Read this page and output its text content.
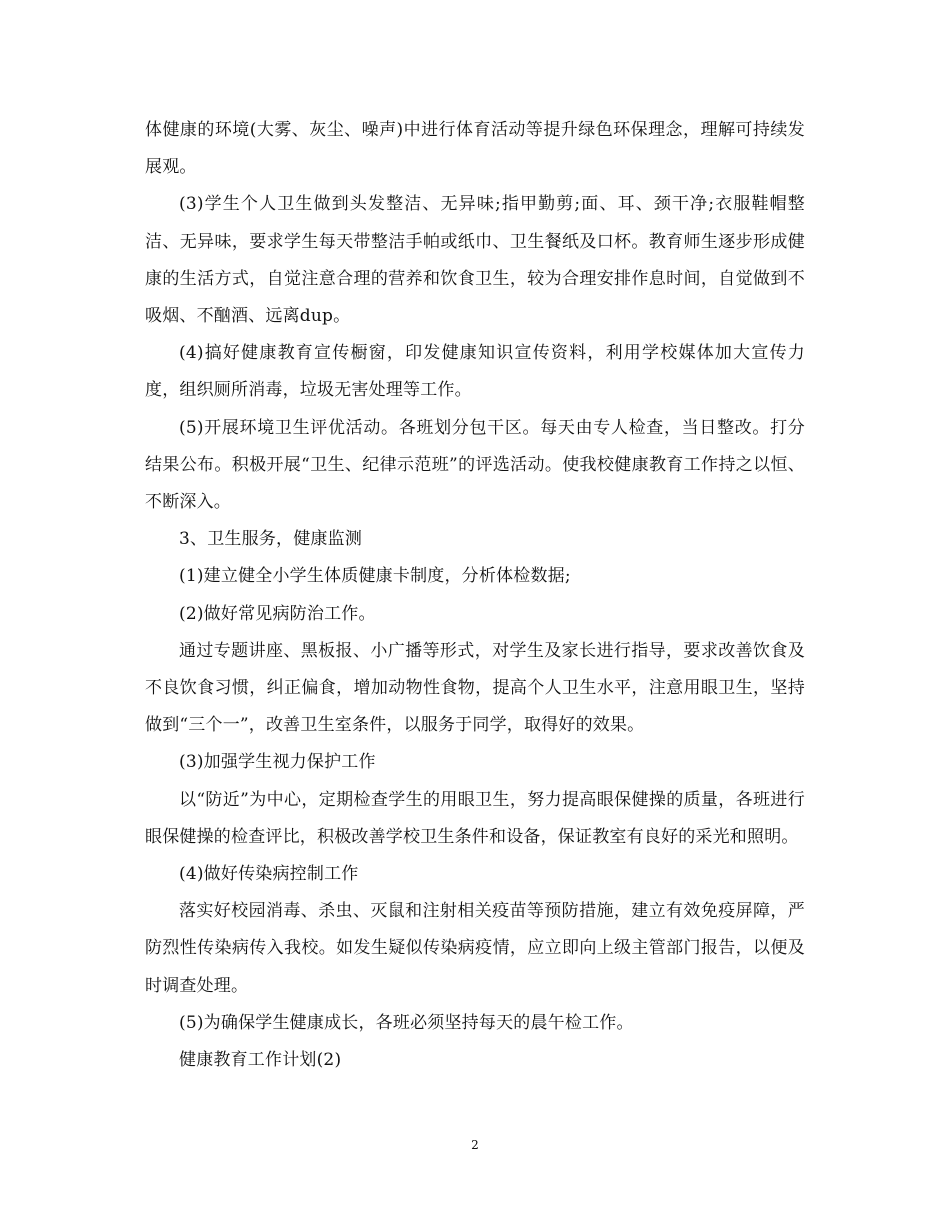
体健康的环境(大雾、灰尘、噪声)中进行体育活动等提升绿色环保理念，理解可持续发展观。

(3)学生个人卫生做到头发整洁、无异味;指甲勤剪;面、耳、颈干净;衣服鞋帽整洁、无异味，要求学生每天带整洁手帕或纸巾、卫生餐纸及口杯。教育师生逐步形成健康的生活方式，自觉注意合理的营养和饮食卫生，较为合理安排作息时间，自觉做到不吸烟、不酗酒、远离dup。

(4)搞好健康教育宣传橱窗，印发健康知识宣传资料，利用学校媒体加大宣传力度，组织厕所消毒，垃圾无害处理等工作。

(5)开展环境卫生评优活动。各班划分包干区。每天由专人检查，当日整改。打分结果公布。积极开展“卫生、纪律示范班”的评选活动。使我校健康教育工作持之以恒、不断深入。

3、卫生服务，健康监测

(1)建立健全小学生体质健康卡制度，分析体检数据;

(2)做好常见病防治工作。

通过专题讲座、黑板报、小广播等形式，对学生及家长进行指导，要求改善饮食及不良饮食习惯，纠正偏食，增加动物性食物，提高个人卫生水平，注意用眼卫生，坚持做到“三个一”，改善卫生室条件，以服务于同学，取得好的效果。

(3)加强学生视力保护工作

以“防近”为中心，定期检查学生的用眼卫生，努力提高眼保健操的质量，各班进行眼保健操的检查评比，积极改善学校卫生条件和设备，保证教室有良好的采光和照明。

(4)做好传染病控制工作

落实好校园消毒、杀虫、灭鼠和注射相关疫苗等预防措施，建立有效免疫屏障，严防烈性传染病传入我校。如发生疑似传染病疫情，应立即向上级主管部门报告，以便及时调查处理。

(5)为确保学生健康成长，各班必须坚持每天的晨午检工作。

健康教育工作计划(2)

2
